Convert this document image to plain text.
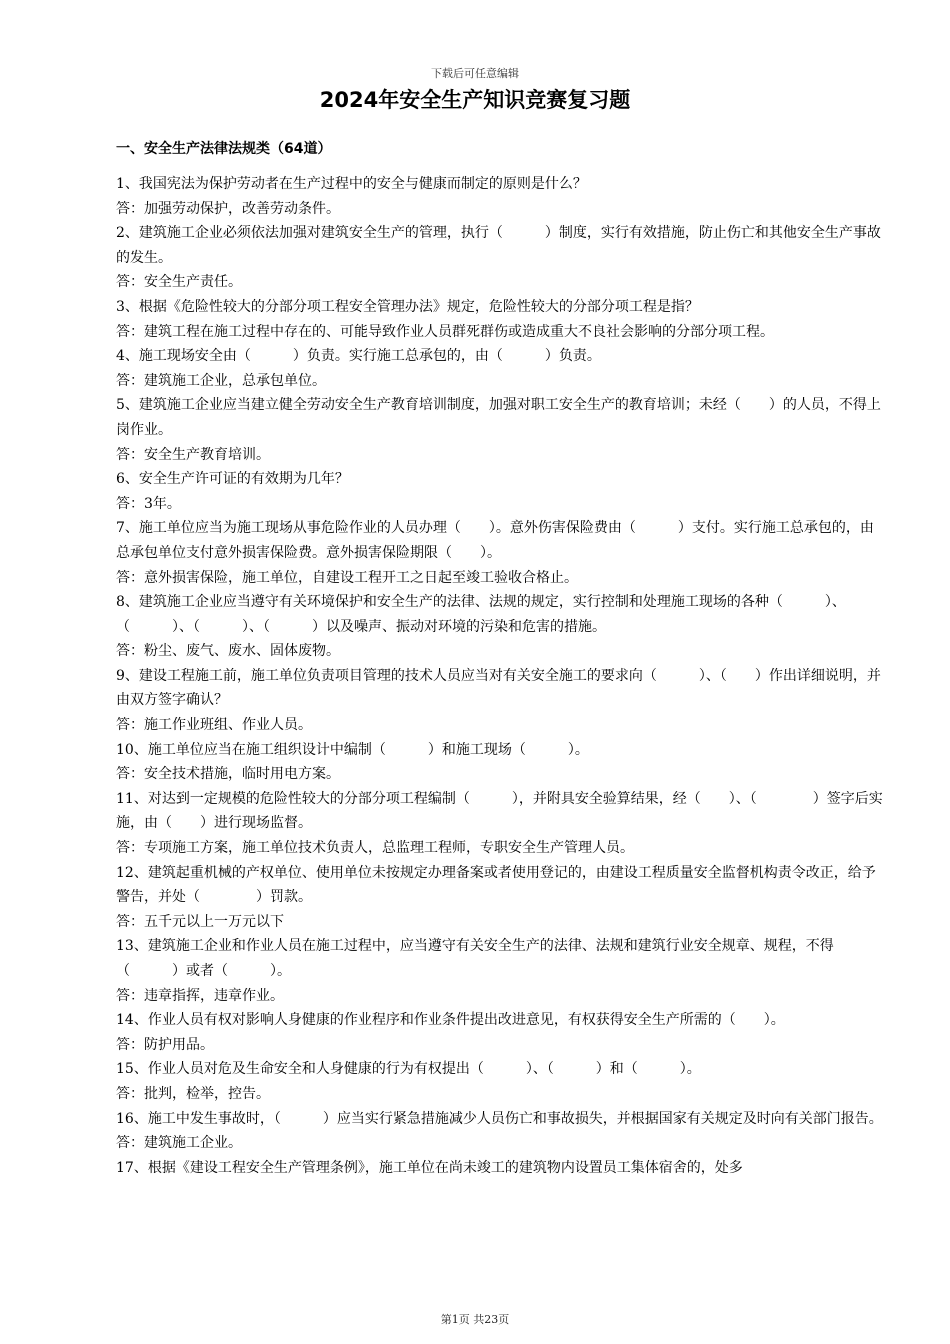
下载后可任意编辑
2024年安全生产知识竞赛复习题
一、安全生产法律法规类（64道）

1、我国宪法为保护劳动者在生产过程中的安全与健康而制定的原则是什么？

答：加强劳动保护，改善劳动条件。

2、建筑施工企业必须依法加强对建筑安全生产的管理，执行（　　　）制度，实行有效措施，防止伤亡和其他安全生产事故的发生。

答：安全生产责任。

3、根据《危险性较大的分部分项工程安全管理办法》规定，危险性较大的分部分项工程是指？

答：建筑工程在施工过程中存在的、可能导致作业人员群死群伤或造成重大不良社会影响的分部分项工程。

4、施工现场安全由（　　　）负责。实行施工总承包的，由（　　　）负责。

答：建筑施工企业，总承包单位。

5、建筑施工企业应当建立健全劳动安全生产教育培训制度，加强对职工安全生产的教育培训；未经（　　）的人员，不得上岗作业。

答：安全生产教育培训。

6、安全生产许可证的有效期为几年？

答：3年。

7、施工单位应当为施工现场从事危险作业的人员办理（　　）。意外伤害保险费由（　　　）支付。实行施工总承包的，由总承包单位支付意外损害保险费。意外损害保险期限（　　）。

答：意外损害保险，施工单位，自建设工程开工之日起至竣工验收合格止。

8、建筑施工企业应当遵守有关环境保护和安全生产的法律、法规的规定，实行控制和处理施工现场的各种（　　　）、（　　　）、（　　　）、（　　　）以及噪声、振动对环境的污染和危害的措施。

答：粉尘、废气、废水、固体废物。

9、建设工程施工前，施工单位负责项目管理的技术人员应当对有关安全施工的要求向（　　　）、（　　）作出详细说明，并由双方签字确认？

答：施工作业班组、作业人员。

10、施工单位应当在施工组织设计中编制（　　　）和施工现场（　　　）。

答：安全技术措施，临时用电方案。

11、对达到一定规模的危险性较大的分部分项工程编制（　　　），并附具安全验算结果，经（　　）、（　　　　）签字后实施，由（　　）进行现场监督。

答：专项施工方案，施工单位技术负责人，总监理工程师，专职安全生产管理人员。

12、建筑起重机械的产权单位、使用单位未按规定办理备案或者使用登记的，由建设工程质量安全监督机构责令改正，给予警告，并处（　　　　）罚款。

答：五千元以上一万元以下

13、建筑施工企业和作业人员在施工过程中，应当遵守有关安全生产的法律、法规和建筑行业安全规章、规程，不得（　　　）或者（　　　）。

答：违章指挥，违章作业。

14、作业人员有权对影响人身健康的作业程序和作业条件提出改进意见，有权获得安全生产所需的（　　）。

答：防护用品。

15、作业人员对危及生命安全和人身健康的行为有权提出（　　　）、（　　　）和（　　　）。

答：批判，检举，控告。

16、施工中发生事故时，（　　　）应当实行紧急措施减少人员伤亡和事故损失，并根据国家有关规定及时向有关部门报告。

答：建筑施工企业。

17、根据《建设工程安全生产管理条例》，施工单位在尚未竣工的建筑物内设置员工集体宿舍的，处多

第1页 共23页
